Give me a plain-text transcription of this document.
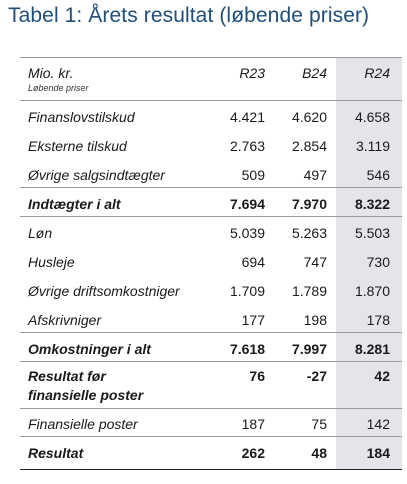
Tabel 1: Årets resultat (løbende priser)
Mio. kr.
Løbende priser
R23	B24	R24
Finanslovstilskud	4.421 4.620 4.658
Eksterne tilskud	2.763 2.854 3.119
Øvrige salgsindtægter	509	497	546
Indtægter i alt	7.694 7.970 8.322
Løn	5.039 5.263 5.503
Husleje	694	747	730
Øvrige driftsomkostniger	1.709 1.789 1.870
Afskrivniger	177	198	178
Omkostninger i alt	7.618 7.997 8.281
Resultat før
finansielle poster
76	-27	42
Finansielle poster	187	75	142
Resultat	262	48	184
